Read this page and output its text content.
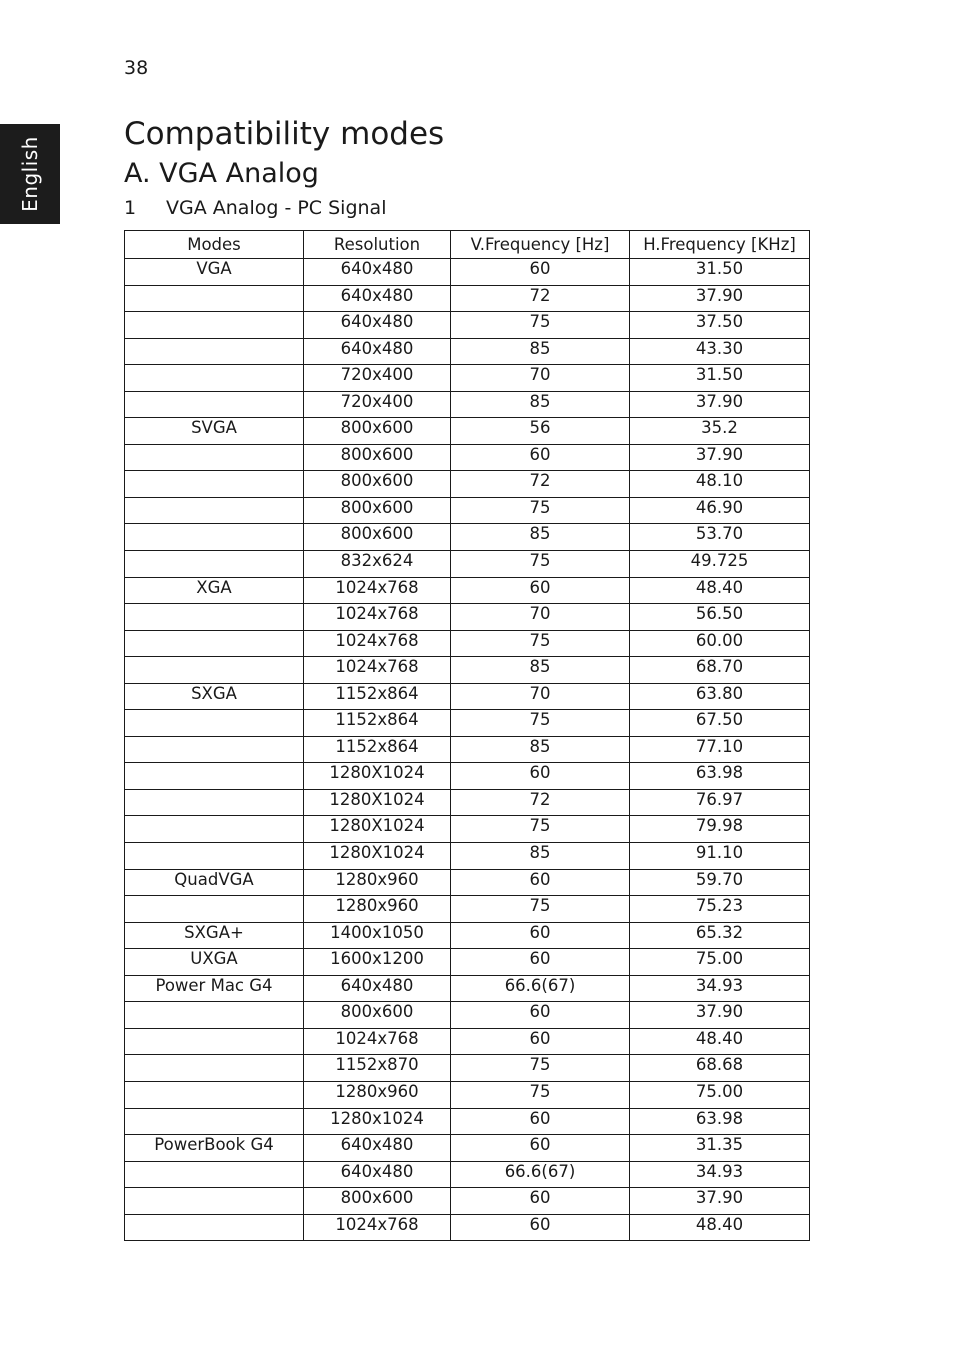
38
English
Compatibility modes
A. VGA Analog
1 VGA Analog - PC Signal
Modes	Resolution	V.Frequency [Hz]	H.Frequency [KHz]
VGA	640x480	60	31.50
	640x480	72	37.90
	640x480	75	37.50
	640x480	85	43.30
	720x400	70	31.50
	720x400	85	37.90
SVGA	800x600	56	35.2
	800x600	60	37.90
	800x600	72	48.10
	800x600	75	46.90
	800x600	85	53.70
	832x624	75	49.725
XGA	1024x768	60	48.40
	1024x768	70	56.50
	1024x768	75	60.00
	1024x768	85	68.70
SXGA	1152x864	70	63.80
	1152x864	75	67.50
	1152x864	85	77.10
	1280X1024	60	63.98
	1280X1024	72	76.97
	1280X1024	75	79.98
	1280X1024	85	91.10
QuadVGA	1280x960	60	59.70
	1280x960	75	75.23
SXGA+	1400x1050	60	65.32
UXGA	1600x1200	60	75.00
Power Mac G4	640x480	66.6(67)	34.93
	800x600	60	37.90
	1024x768	60	48.40
	1152x870	75	68.68
	1280x960	75	75.00
	1280x1024	60	63.98
PowerBook G4	640x480	60	31.35
	640x480	66.6(67)	34.93
	800x600	60	37.90
	1024x768	60	48.40
